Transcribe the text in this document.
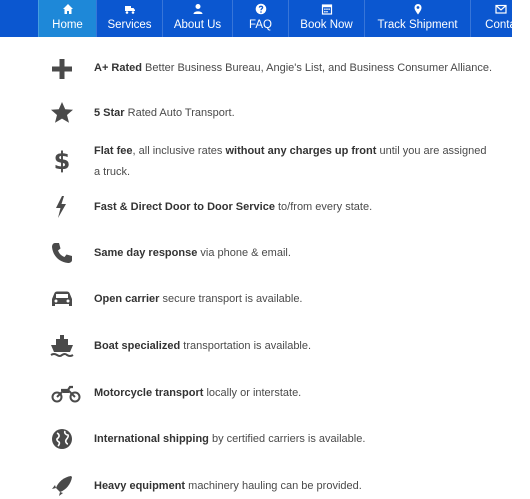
Home	Services	About Us	FAQ	Book Now	Track Shipment	Conta
A+ Rated Better Business Bureau, Angie's List, and Business Consumer Alliance.
5 Star Rated Auto Transport.
$ Flat fee, all inclusive rates without any charges up front until you are assigned a truck.
Fast & Direct Door to Door Service to/from every state.
Same day response via phone & email.
Open carrier secure transport is available.
Boat specialized transportation is available.
Motorcycle transport locally or interstate.
International shipping by certified carriers is available.
Heavy equipment machinery hauling can be provided.
